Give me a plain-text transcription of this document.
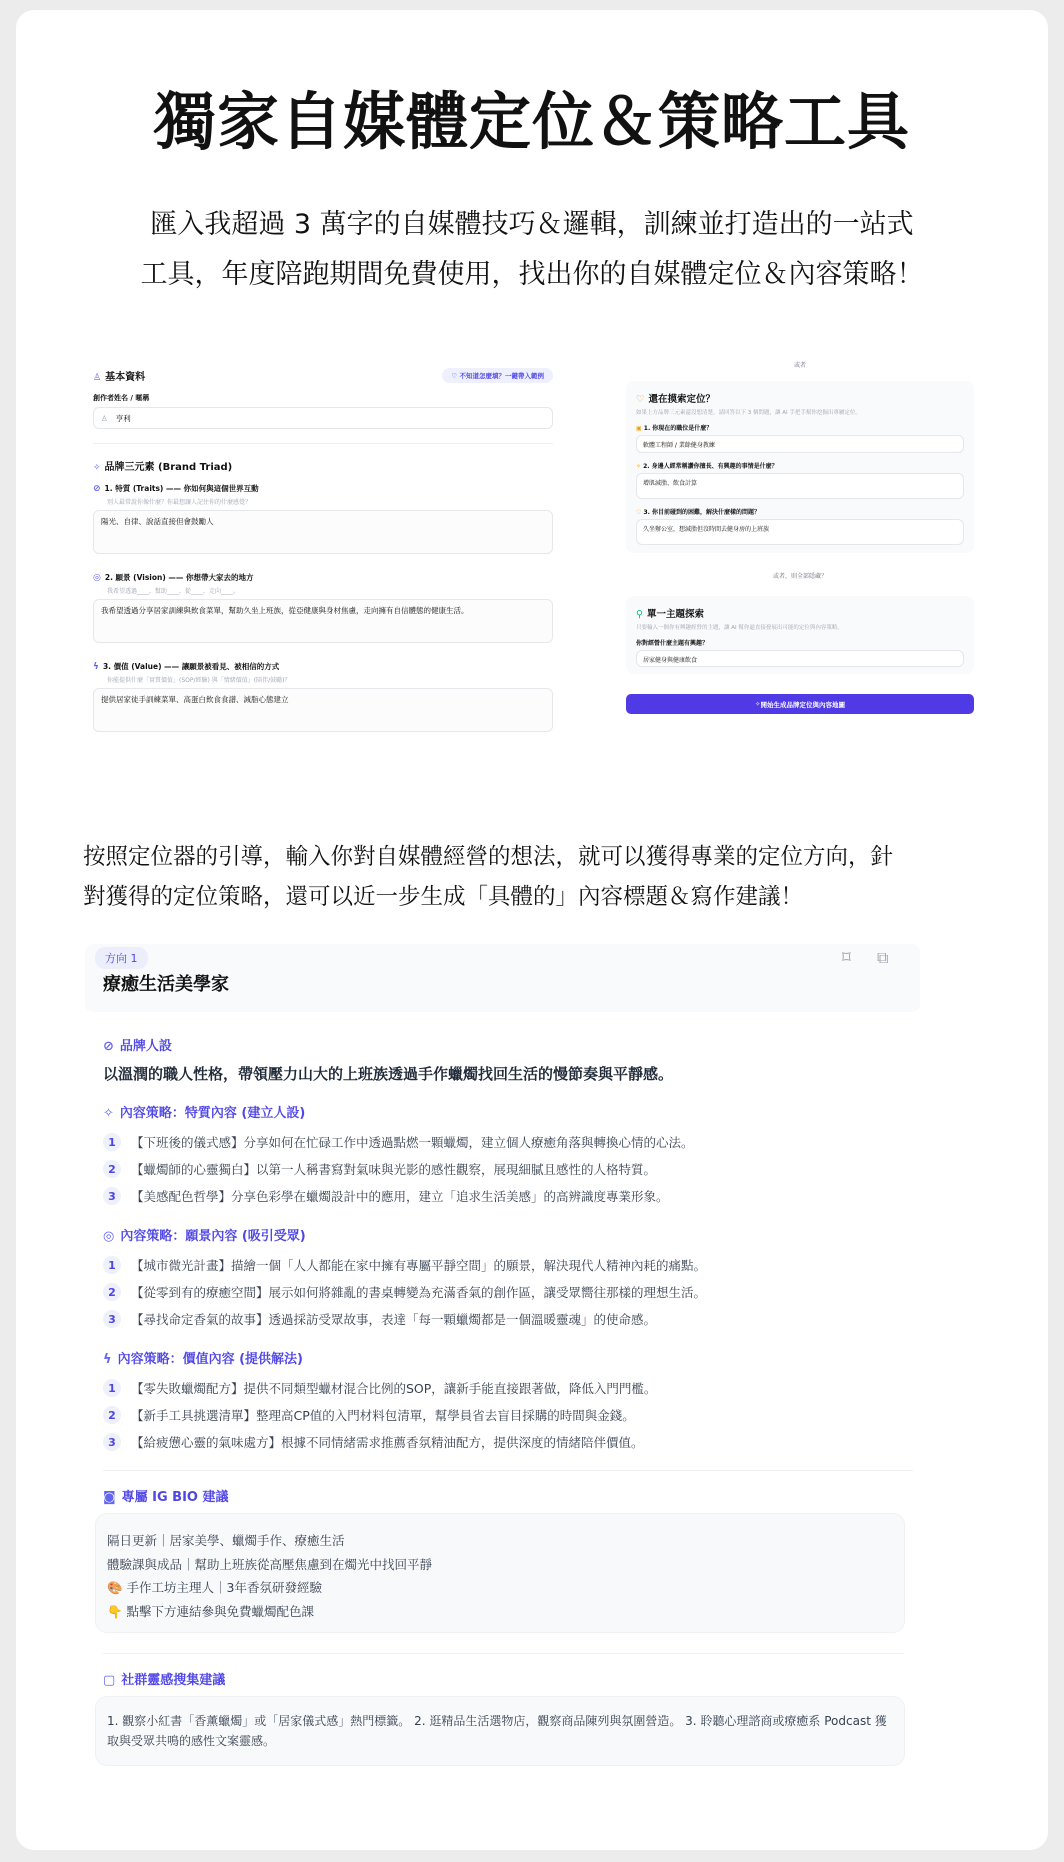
獨家自媒體定位＆策略工具
匯入我超過 3 萬字的自媒體技巧＆邏輯，訓練並打造出的一站式
工具，年度陪跑期間免費使用，找出你的自媒體定位＆內容策略！
♙ 基本資料	♡ 不知道怎麼填？一鍵帶入範例
創作者姓名 / 暱稱
♙ 亨利
✧ 品牌三元素 (Brand Triad)
⊘ 1. 特質 (Traits) —— 你如何與這個世界互動
別人最常說你像什麼？你最想讓人記住你的什麼感覺？
陽光、自律、說話直接但會鼓勵人
◎ 2. 願景 (Vision) —— 你想帶大家去的地方
我希望透過____，幫助____，從____，走向____。
我希望透過分享居家訓練與飲食菜單，幫助久坐上班族，從亞健康與身材焦慮，走向擁有自信體態的健康生活。
ϟ 3. 價值 (Value) —— 讓願景被看見、被相信的方式
你能提供什麼「實質價值」(SOP/經驗) 與「情緒價值」(陪伴/鼓勵)？
提供居家徒手訓練菜單、高蛋白飲食食譜、減脂心態建立
或者
♡ 還在摸索定位？
如果上方品牌三元素還沒想清楚，請回答以下 3 個問題，讓 AI 手把手幫你挖掘出專屬定位。
▣ 1. 你現在的職位是什麼？
軟體工程師 / 業餘健身教練
✧ 2. 身邊人經常稱讚你擅長、有興趣的事情是什麼？
增肌減脂、飲食計算
♡ 3. 你目前碰到的困難，解決什麼樣的問題？
久坐辦公室，想減脂但沒時間去健身房的上班族
或者，則全部隱藏？
⚲ 單一主題探索
只要輸入一個你有興趣經營的主題，讓 AI 幫你逼直接發展出可能的定位與內容策略。
你對經營什麼主題有興趣？
居家健身與健康飲食
✧ 開始生成品牌定位與內容地圖
按照定位器的引導，輸入你對自媒體經營的想法，就可以獲得專業的定位方向，針
對獲得的定位策略，還可以近一步生成「具體的」內容標題＆寫作建議！
方向 1
療癒生活美學家
⌑ ⧉
⊘ 品牌人設
以溫潤的職人性格，帶領壓力山大的上班族透過手作蠟燭找回生活的慢節奏與平靜感。
✧ 內容策略：特質內容 (建立人設)
1	【下班後的儀式感】分享如何在忙碌工作中透過點燃一顆蠟燭，建立個人療癒角落與轉換心情的心法。
2	【蠟燭師的心靈獨白】以第一人稱書寫對氣味與光影的感性觀察，展現細膩且感性的人格特質。
3	【美感配色哲學】分享色彩學在蠟燭設計中的應用，建立「追求生活美感」的高辨識度專業形象。
◎ 內容策略：願景內容 (吸引受眾)
1	【城市微光計畫】描繪一個「人人都能在家中擁有專屬平靜空間」的願景，解決現代人精神內耗的痛點。
2	【從零到有的療癒空間】展示如何將雜亂的書桌轉變為充滿香氣的創作區，讓受眾嚮往那樣的理想生活。
3	【尋找命定香氣的故事】透過採訪受眾故事，表達「每一顆蠟燭都是一個溫暖靈魂」的使命感。
ϟ 內容策略：價值內容 (提供解法)
1	【零失敗蠟燭配方】提供不同類型蠟材混合比例的SOP，讓新手能直接跟著做，降低入門門檻。
2	【新手工具挑選清單】整理高CP值的入門材料包清單，幫學員省去盲目採購的時間與金錢。
3	【給疲憊心靈的氣味處方】根據不同情緒需求推薦香氛精油配方，提供深度的情緒陪伴價值。
◙ 專屬 IG BIO 建議
隔日更新｜居家美學、蠟燭手作、療癒生活
體驗課與成品｜幫助上班族從高壓焦慮到在燭光中找回平靜
🎨 手作工坊主理人｜3年香氛研發經驗
👇 點擊下方連結參與免費蠟燭配色課
▢ 社群靈感搜集建議
1. 觀察小紅書「香薰蠟燭」或「居家儀式感」熱門標籤。 2. 逛精品生活選物店，觀察商品陳列與氛圍營造。 3. 聆聽心理諮商或療癒系 Podcast 獲取與受眾共鳴的感性文案靈感。
